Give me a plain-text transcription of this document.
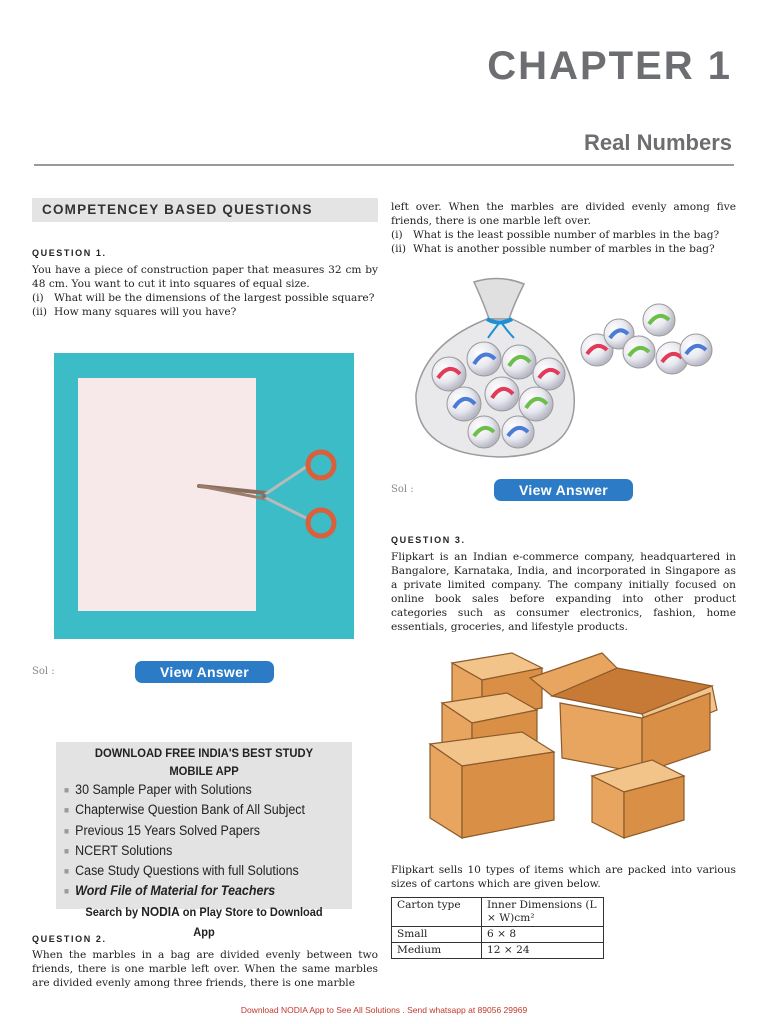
CHAPTER 1
Real Numbers
COMPETENCEY BASED QUESTIONS
QUESTION 1.
You have a piece of construction paper that measures 32 cm by 48 cm. You want to cut it into squares of equal size.
(i) What will be the dimensions of the largest possible square?
(ii) How many squares will you have?
Sol :	View Answer
DOWNLOAD FREE INDIA'S BEST STUDY MOBILE APP
■ 30 Sample Paper with Solutions
■ Chapterwise Question Bank of All Subject
■ Previous 15 Years Solved Papers
■ NCERT Solutions
■ Case Study Questions with full Solutions
■ Word File of Material for Teachers
Search by NODIA on Play Store to Download App
QUESTION 2.
When the marbles in a bag are divided evenly between two friends, there is one marble left over. When the same marbles are divided evenly among three friends, there is one marble
left over. When the marbles are divided evenly among five friends, there is one marble left over.
(i) What is the least possible number of marbles in the bag?
(ii) What is another possible number of marbles in the bag?
Sol :	View Answer
QUESTION 3.
Flipkart is an Indian e-commerce company, headquartered in Bangalore, Karnataka, India, and incorporated in Singapore as a private limited company. The company initially focused on online book sales before expanding into other product categories such as consumer electronics, fashion, home essentials, groceries, and lifestyle products.
Flipkart sells 10 types of items which are packed into various sizes of cartons which are given below.
Carton type	Inner Dimensions (L × W)cm²
Small	6 × 8
Medium	12 × 24
Download NODIA App to See All Solutions . Send whatsapp at 89056 29969
